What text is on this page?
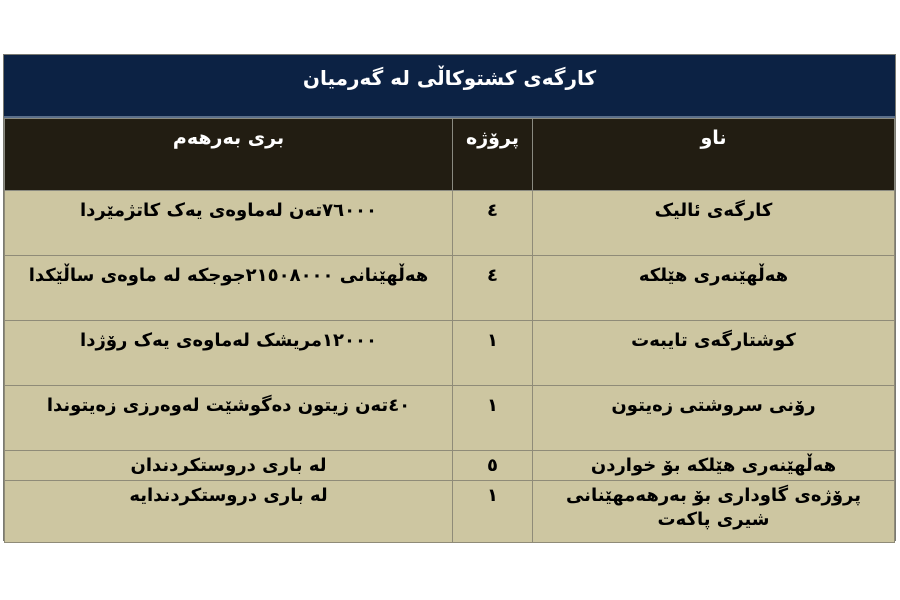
کارگەی کشتوکاڵی لە گەرمیان
ناو	پرۆژە	بری بەرهەم
کارگەی ئالیک	٤	٧٦٠٠٠تەن لەماوەی یەک کاتژمێردا
هەڵهێنەری هێلکە	٤	هەڵهێنانی ٢١٥٠٨٠٠٠جوجکە لە ماوەی ساڵێکدا
کوشتارگەی تایبەت	١	١٢٠٠٠مریشک لەماوەی یەک رۆژدا
رۆنی سروشتی زەیتون	١	٤٠تەن زیتون دەگوشێت لەوەرزی زەیتوندا
هەڵهێنەری هێلکە بۆ خواردن	٥	لە باری دروستکردندان
پرۆژەی گاوداری بۆ بەرهەمهێنانی شیری پاکەت	١	لە باری دروستکردندایە
